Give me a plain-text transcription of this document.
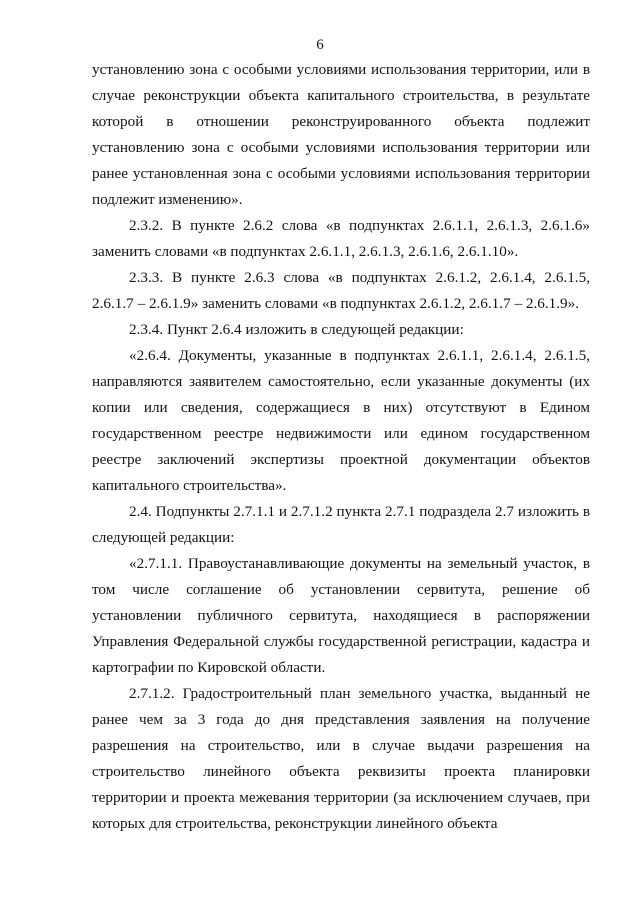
6

установлению зона с особыми условиями использования территории, или в случае реконструкции объекта капитального строительства, в результате которой в отношении реконструированного объекта подлежит установлению зона с особыми условиями использования территории или ранее установленная зона с особыми условиями использования территории подлежит изменению».

2.3.2. В пункте 2.6.2 слова «в подпунктах 2.6.1.1, 2.6.1.3, 2.6.1.6» заменить словами «в подпунктах 2.6.1.1, 2.6.1.3, 2.6.1.6, 2.6.1.10».

2.3.3. В пункте 2.6.3 слова «в подпунктах 2.6.1.2, 2.6.1.4, 2.6.1.5, 2.6.1.7 – 2.6.1.9» заменить словами «в подпунктах 2.6.1.2, 2.6.1.7 – 2.6.1.9».

2.3.4. Пункт 2.6.4 изложить в следующей редакции:

«2.6.4. Документы, указанные в подпунктах 2.6.1.1, 2.6.1.4, 2.6.1.5, направляются заявителем самостоятельно, если указанные документы (их копии или сведения, содержащиеся в них) отсутствуют в Едином государственном реестре недвижимости или едином государственном реестре заключений экспертизы проектной документации объектов капитального строительства».

2.4. Подпункты 2.7.1.1 и 2.7.1.2 пункта 2.7.1 подраздела 2.7 изложить в следующей редакции:

«2.7.1.1. Правоустанавливающие документы на земельный участок, в том числе соглашение об установлении сервитута, решение об установлении публичного сервитута, находящиеся в распоряжении Управления Федеральной службы государственной регистрации, кадастра и картографии по Кировской области.

2.7.1.2. Градостроительный план земельного участка, выданный не ранее чем за 3 года до дня представления заявления на получение разрешения на строительство, или в случае выдачи разрешения на строительство линейного объекта реквизиты проекта планировки территории и проекта межевания территории (за исключением случаев, при которых для строительства, реконструкции линейного объекта
